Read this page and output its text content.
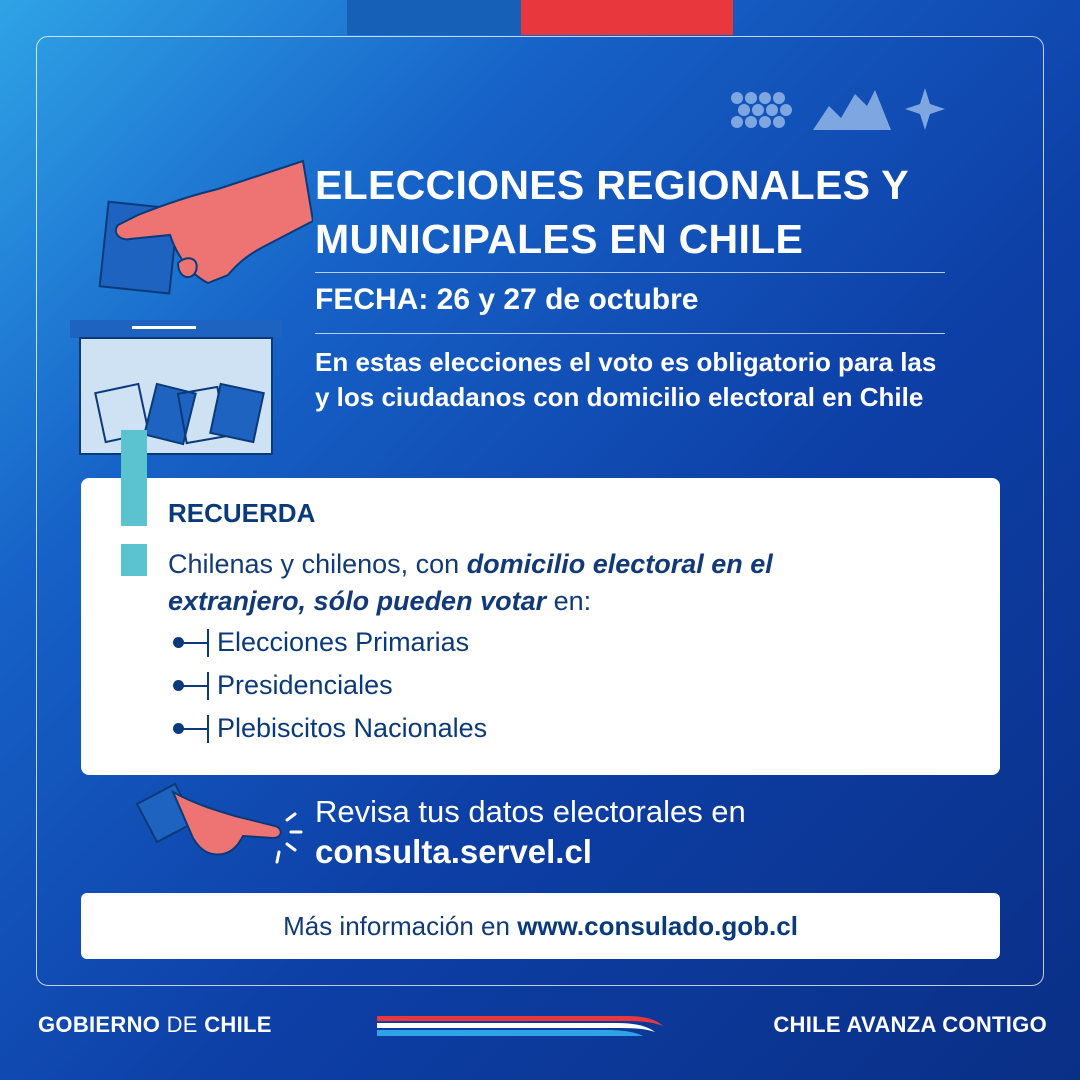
ELECCIONES REGIONALES Y
MUNICIPALES EN CHILE
FECHA: 26 y 27 de octubre

En estas elecciones el voto es obligatorio para las y los ciudadanos con domicilio electoral en Chile

RECUERDA

Chilenas y chilenos, con domicilio electoral en el extranjero, sólo pueden votar en:

Elecciones Primarias
Presidenciales
Plebiscitos Nacionales

Revisa tus datos electorales en
consulta.servel.cl

Más información en www.consulado.gob.cl
GOBIERNO DE CHILE	CHILE AVANZA CONTIGO
